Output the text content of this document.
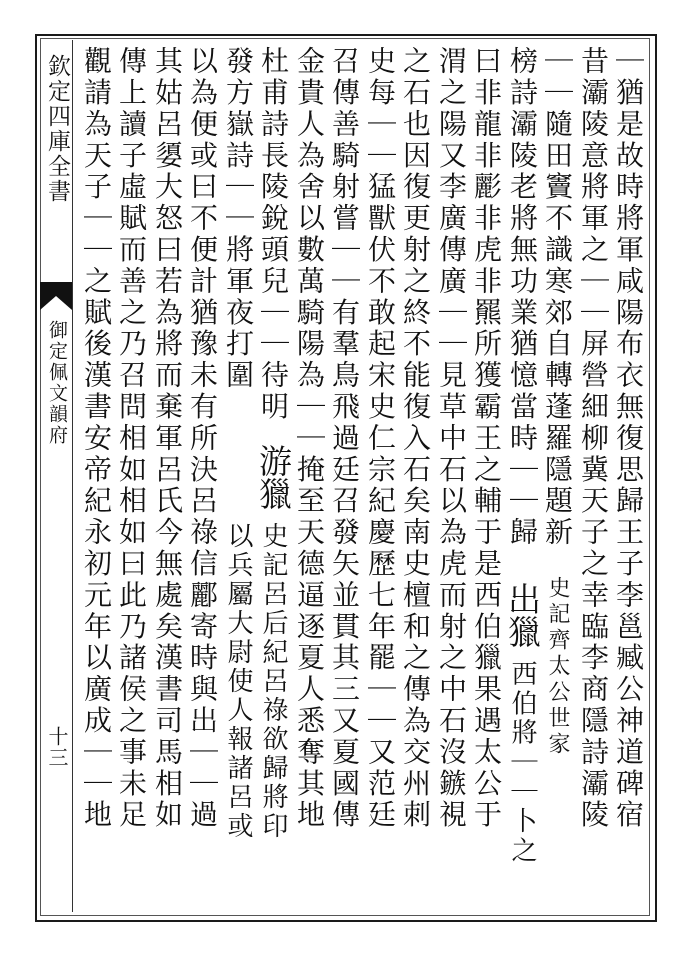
欽定四庫全書
御定佩文韻府
十三	｜猶是故時將軍咸陽布衣無復思歸王子李邕臧公神道碑宿
昔灞陵意將軍之｜｜屏營細柳冀天子之幸臨李商隱詩灞陵
｜｜隨田竇不識寒郊自轉蓬羅隱題新
榜詩灞陵老將無功業猶憶當時｜｜歸
出獵 史記齊太公世家
西伯將｜｜卜之
曰非龍非彲非虎非羆所獲霸王之輔于是西伯獵果遇太公于
渭之陽又李廣傳廣｜｜見草中石以為虎而射之中石沒鏃視
之石也因復更射之終不能復入石矣南史檀和之傳為交州刺
史每｜｜猛獸伏不敢起宋史仁宗紀慶歷七年罷｜｜又范廷
召傳善騎射嘗｜｜有羣鳥飛過廷召發矢並貫其三又夏國傳
金貴人為舍以數萬騎陽為｜｜掩至天德逼逐夏人悉奪其地
杜甫詩長陵銳頭兒｜｜待明
發方嶽詩｜｜將軍夜打圍
游獵
史記呂后紀呂祿欲歸將印
以兵屬大尉使人報諸呂或
以為便或曰不便計猶豫未有所決呂祿信酈寄時與出｜｜過
其姑呂嬃大怒曰若為將而棄軍呂氏今無處矣漢書司馬相如
傳上讀子虛賦而善之乃召問相如相如曰此乃諸侯之事未足
觀請為天子｜｜之賦後漢書安帝紀永初元年以廣成｜｜地
